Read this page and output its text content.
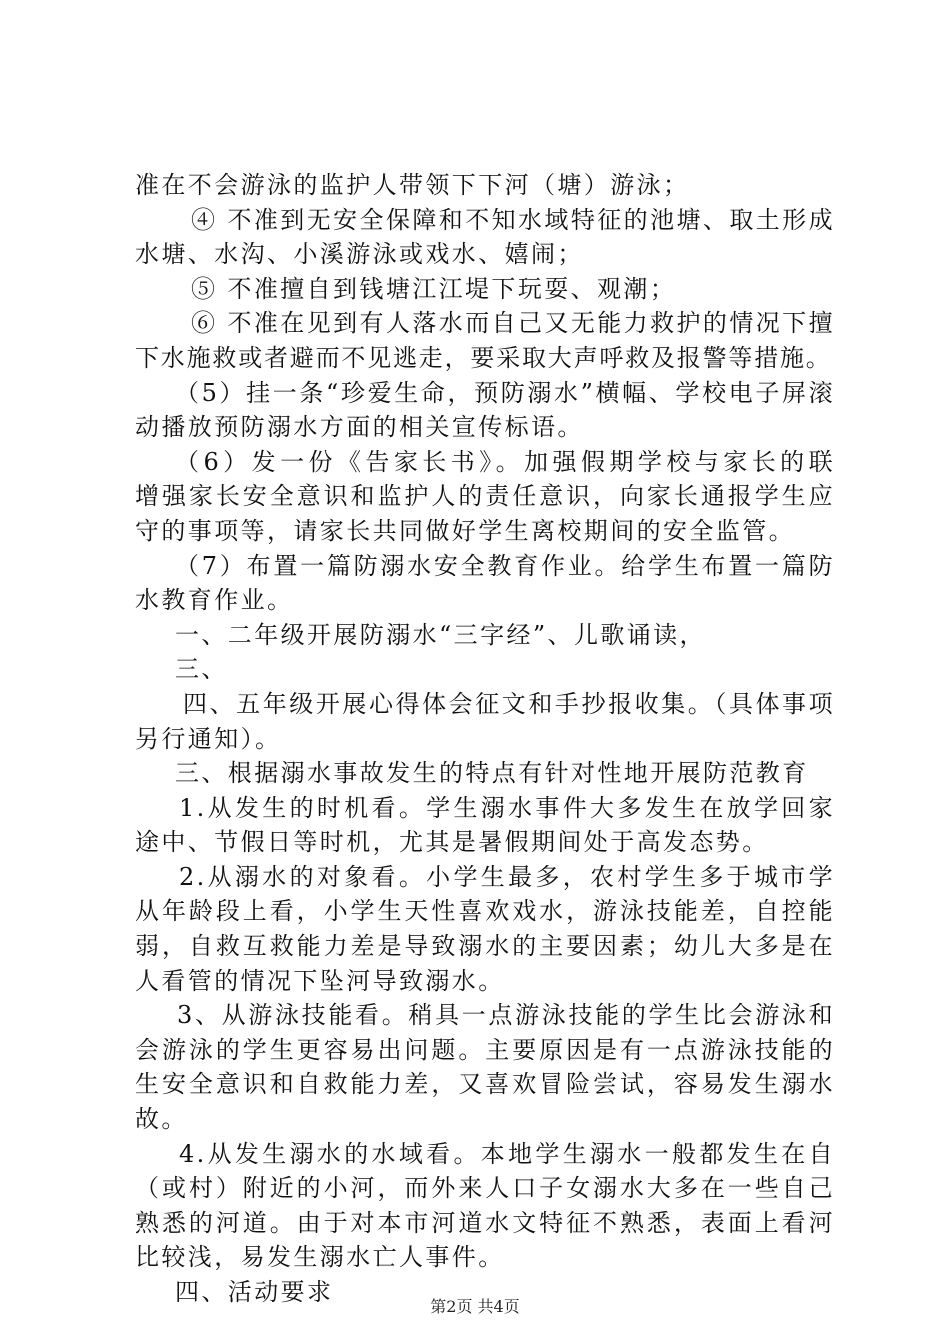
准在不会游泳的监护人带领下下河（塘）游泳；
④ 不准到无安全保障和不知水域特征的池塘、取土形成
水塘、水沟、小溪游泳或戏水、嬉闹；
⑤ 不准擅自到钱塘江江堤下玩耍、观潮；
⑥ 不准在见到有人落水而自己又无能力救护的情况下擅
下水施救或者避而不见逃走，要采取大声呼救及报警等措施。
（5）挂一条“珍爱生命，预防溺水”横幅、学校电子屏滚
动播放预防溺水方面的相关宣传标语。
（6）发一份《告家长书》。加强假期学校与家长的联
增强家长安全意识和监护人的责任意识，向家长通报学生应
守的事项等，请家长共同做好学生离校期间的安全监管。
（7）布置一篇防溺水安全教育作业。给学生布置一篇防
水教育作业。
一、二年级开展防溺水“三字经”、儿歌诵读，
三、
四、五年级开展心得体会征文和手抄报收集。（具体事项
另行通知）。
三、根据溺水事故发生的特点有针对性地开展防范教育
1.从发生的时机看。学生溺水事件大多发生在放学回家
途中、节假日等时机，尤其是暑假期间处于高发态势。
2.从溺水的对象看。小学生最多，农村学生多于城市学
从年龄段上看，小学生天性喜欢戏水，游泳技能差，自控能
弱，自救互救能力差是导致溺水的主要因素；幼儿大多是在
人看管的情况下坠河导致溺水。
3、从游泳技能看。稍具一点游泳技能的学生比会游泳和
会游泳的学生更容易出问题。主要原因是有一点游泳技能的
生安全意识和自救能力差，又喜欢冒险尝试，容易发生溺水
故。
4.从发生溺水的水域看。本地学生溺水一般都发生在自
（或村）附近的小河，而外来人口子女溺水大多在一些自己
熟悉的河道。由于对本市河道水文特征不熟悉，表面上看河
比较浅，易发生溺水亡人事件。
四、活动要求
第2页 共4页
